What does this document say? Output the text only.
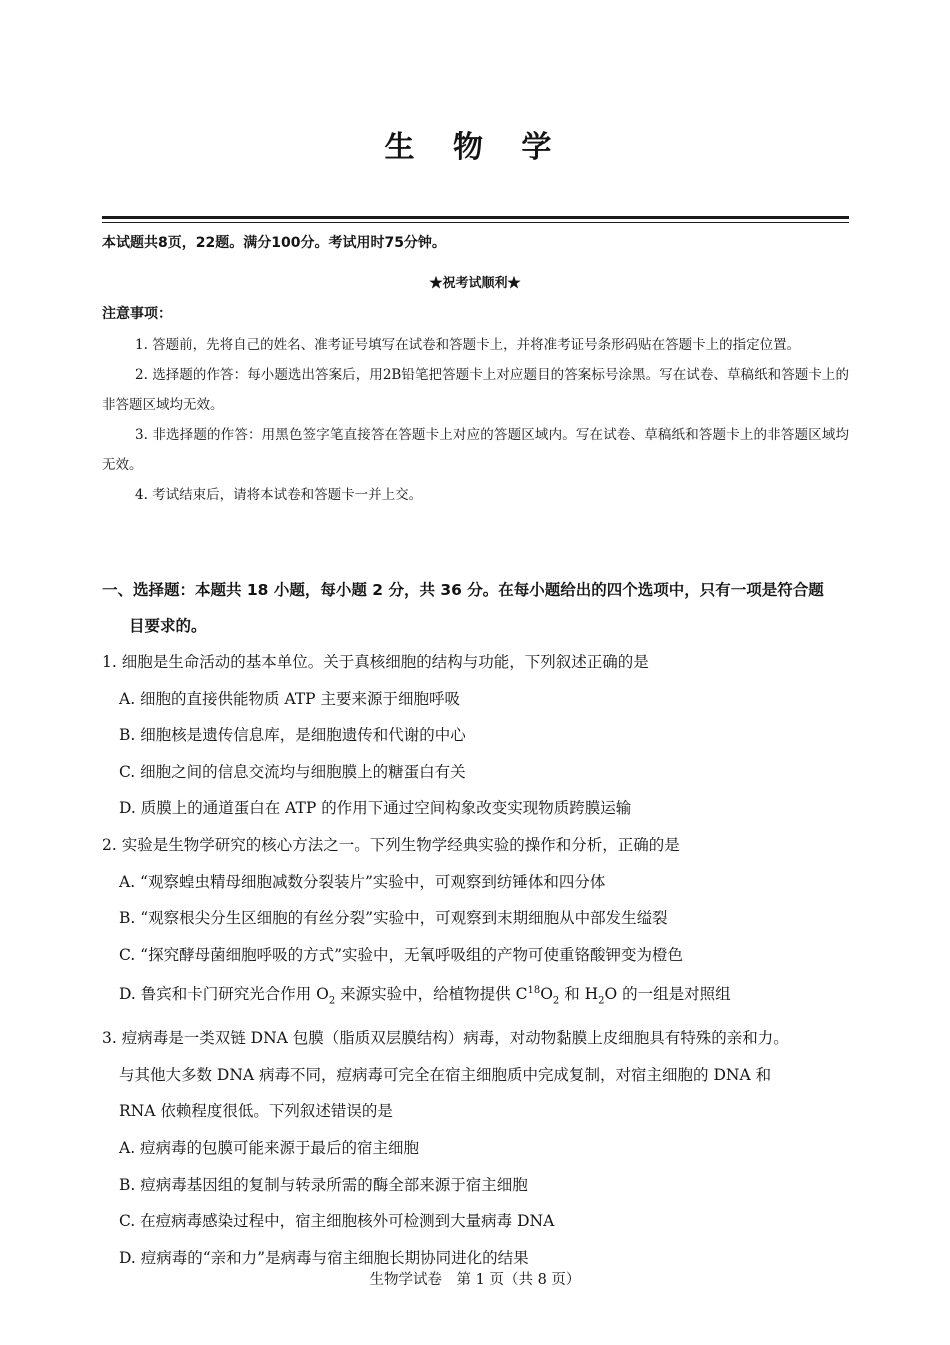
生 物 学
本试题共8页，22题。满分100分。考试用时75分钟。
★祝考试顺利★
注意事项：

1. 答题前，先将自己的姓名、准考证号填写在试卷和答题卡上，并将准考证号条形码贴在答题卡上的指定位置。

2. 选择题的作答：每小题选出答案后，用2B铅笔把答题卡上对应题目的答案标号涂黑。写在试卷、草稿纸和答题卡上的非答题区域均无效。

3. 非选择题的作答：用黑色签字笔直接答在答题卡上对应的答题区域内。写在试卷、草稿纸和答题卡上的非答题区域均无效。

4. 考试结束后，请将本试卷和答题卡一并上交。

一、选择题：本题共 18 小题，每小题 2 分，共 36 分。在每小题给出的四个选项中，只有一项是符合题
目要求的。

1. 细胞是生命活动的基本单位。关于真核细胞的结构与功能，下列叙述正确的是

A. 细胞的直接供能物质 ATP 主要来源于细胞呼吸

B. 细胞核是遗传信息库，是细胞遗传和代谢的中心

C. 细胞之间的信息交流均与细胞膜上的糖蛋白有关

D. 质膜上的通道蛋白在 ATP 的作用下通过空间构象改变实现物质跨膜运输

2. 实验是生物学研究的核心方法之一。下列生物学经典实验的操作和分析，正确的是

A. “观察蝗虫精母细胞减数分裂装片”实验中，可观察到纺锤体和四分体

B. “观察根尖分生区细胞的有丝分裂”实验中，可观察到末期细胞从中部发生缢裂

C. “探究酵母菌细胞呼吸的方式”实验中，无氧呼吸组的产物可使重铬酸钾变为橙色

D. 鲁宾和卡门研究光合作用 $O_2$ 来源实验中，给植物提供 $C^{18}O_2$ 和 $H_2O$ 的一组是对照组

3. 痘病毒是一类双链 DNA 包膜（脂质双层膜结构）病毒，对动物黏膜上皮细胞具有特殊的亲和力。

与其他大多数 DNA 病毒不同，痘病毒可完全在宿主细胞质中完成复制，对宿主细胞的 DNA 和

RNA 依赖程度很低。下列叙述错误的是

A. 痘病毒的包膜可能来源于最后的宿主细胞

B. 痘病毒基因组的复制与转录所需的酶全部来源于宿主细胞

C. 在痘病毒感染过程中，宿主细胞核外可检测到大量病毒 DNA

D. 痘病毒的“亲和力”是病毒与宿主细胞长期协同进化的结果

生物学试卷　第 1 页（共 8 页）
